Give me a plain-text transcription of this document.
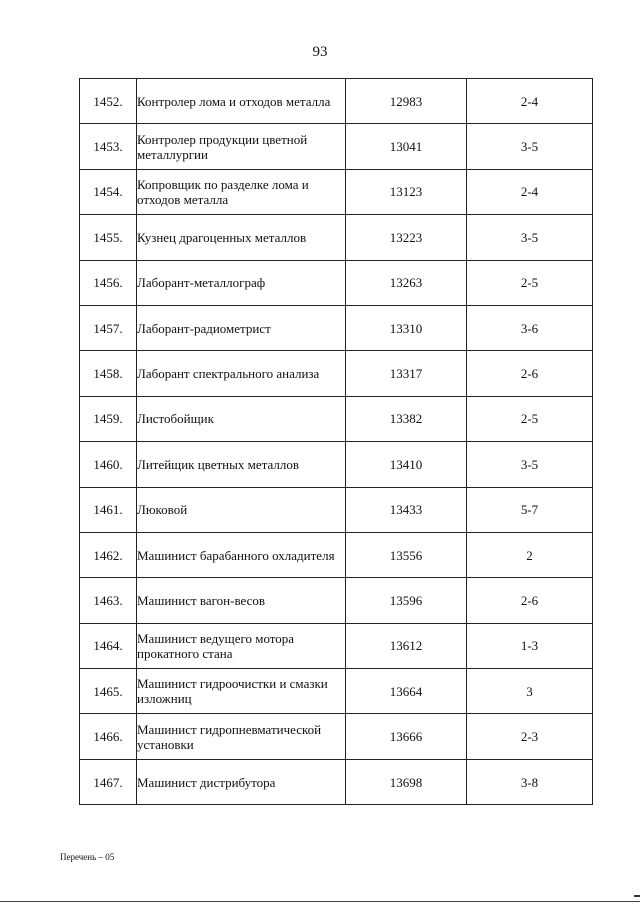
93
1452.	Контролер лома и отходов металла	12983	2-4
1453.	Контролер продукции цветной металлургии	13041	3-5
1454.	Копровщик по разделке лома и отходов металла	13123	2-4
1455.	Кузнец драгоценных металлов	13223	3-5
1456.	Лаборант-металлограф	13263	2-5
1457.	Лаборант-радиометрист	13310	3-6
1458.	Лаборант спектрального анализа	13317	2-6
1459.	Листобойщик	13382	2-5
1460.	Литейщик цветных металлов	13410	3-5
1461.	Люковой	13433	5-7
1462.	Машинист барабанного охладителя	13556	2
1463.	Машинист вагон-весов	13596	2-6
1464.	Машинист ведущего мотора прокатного стана	13612	1-3
1465.	Машинист гидроочистки и смазки изложниц	13664	3
1466.	Машинист гидропневматической установки	13666	2-3
1467.	Машинист дистрибутора	13698	3-8
Перечень – 05
